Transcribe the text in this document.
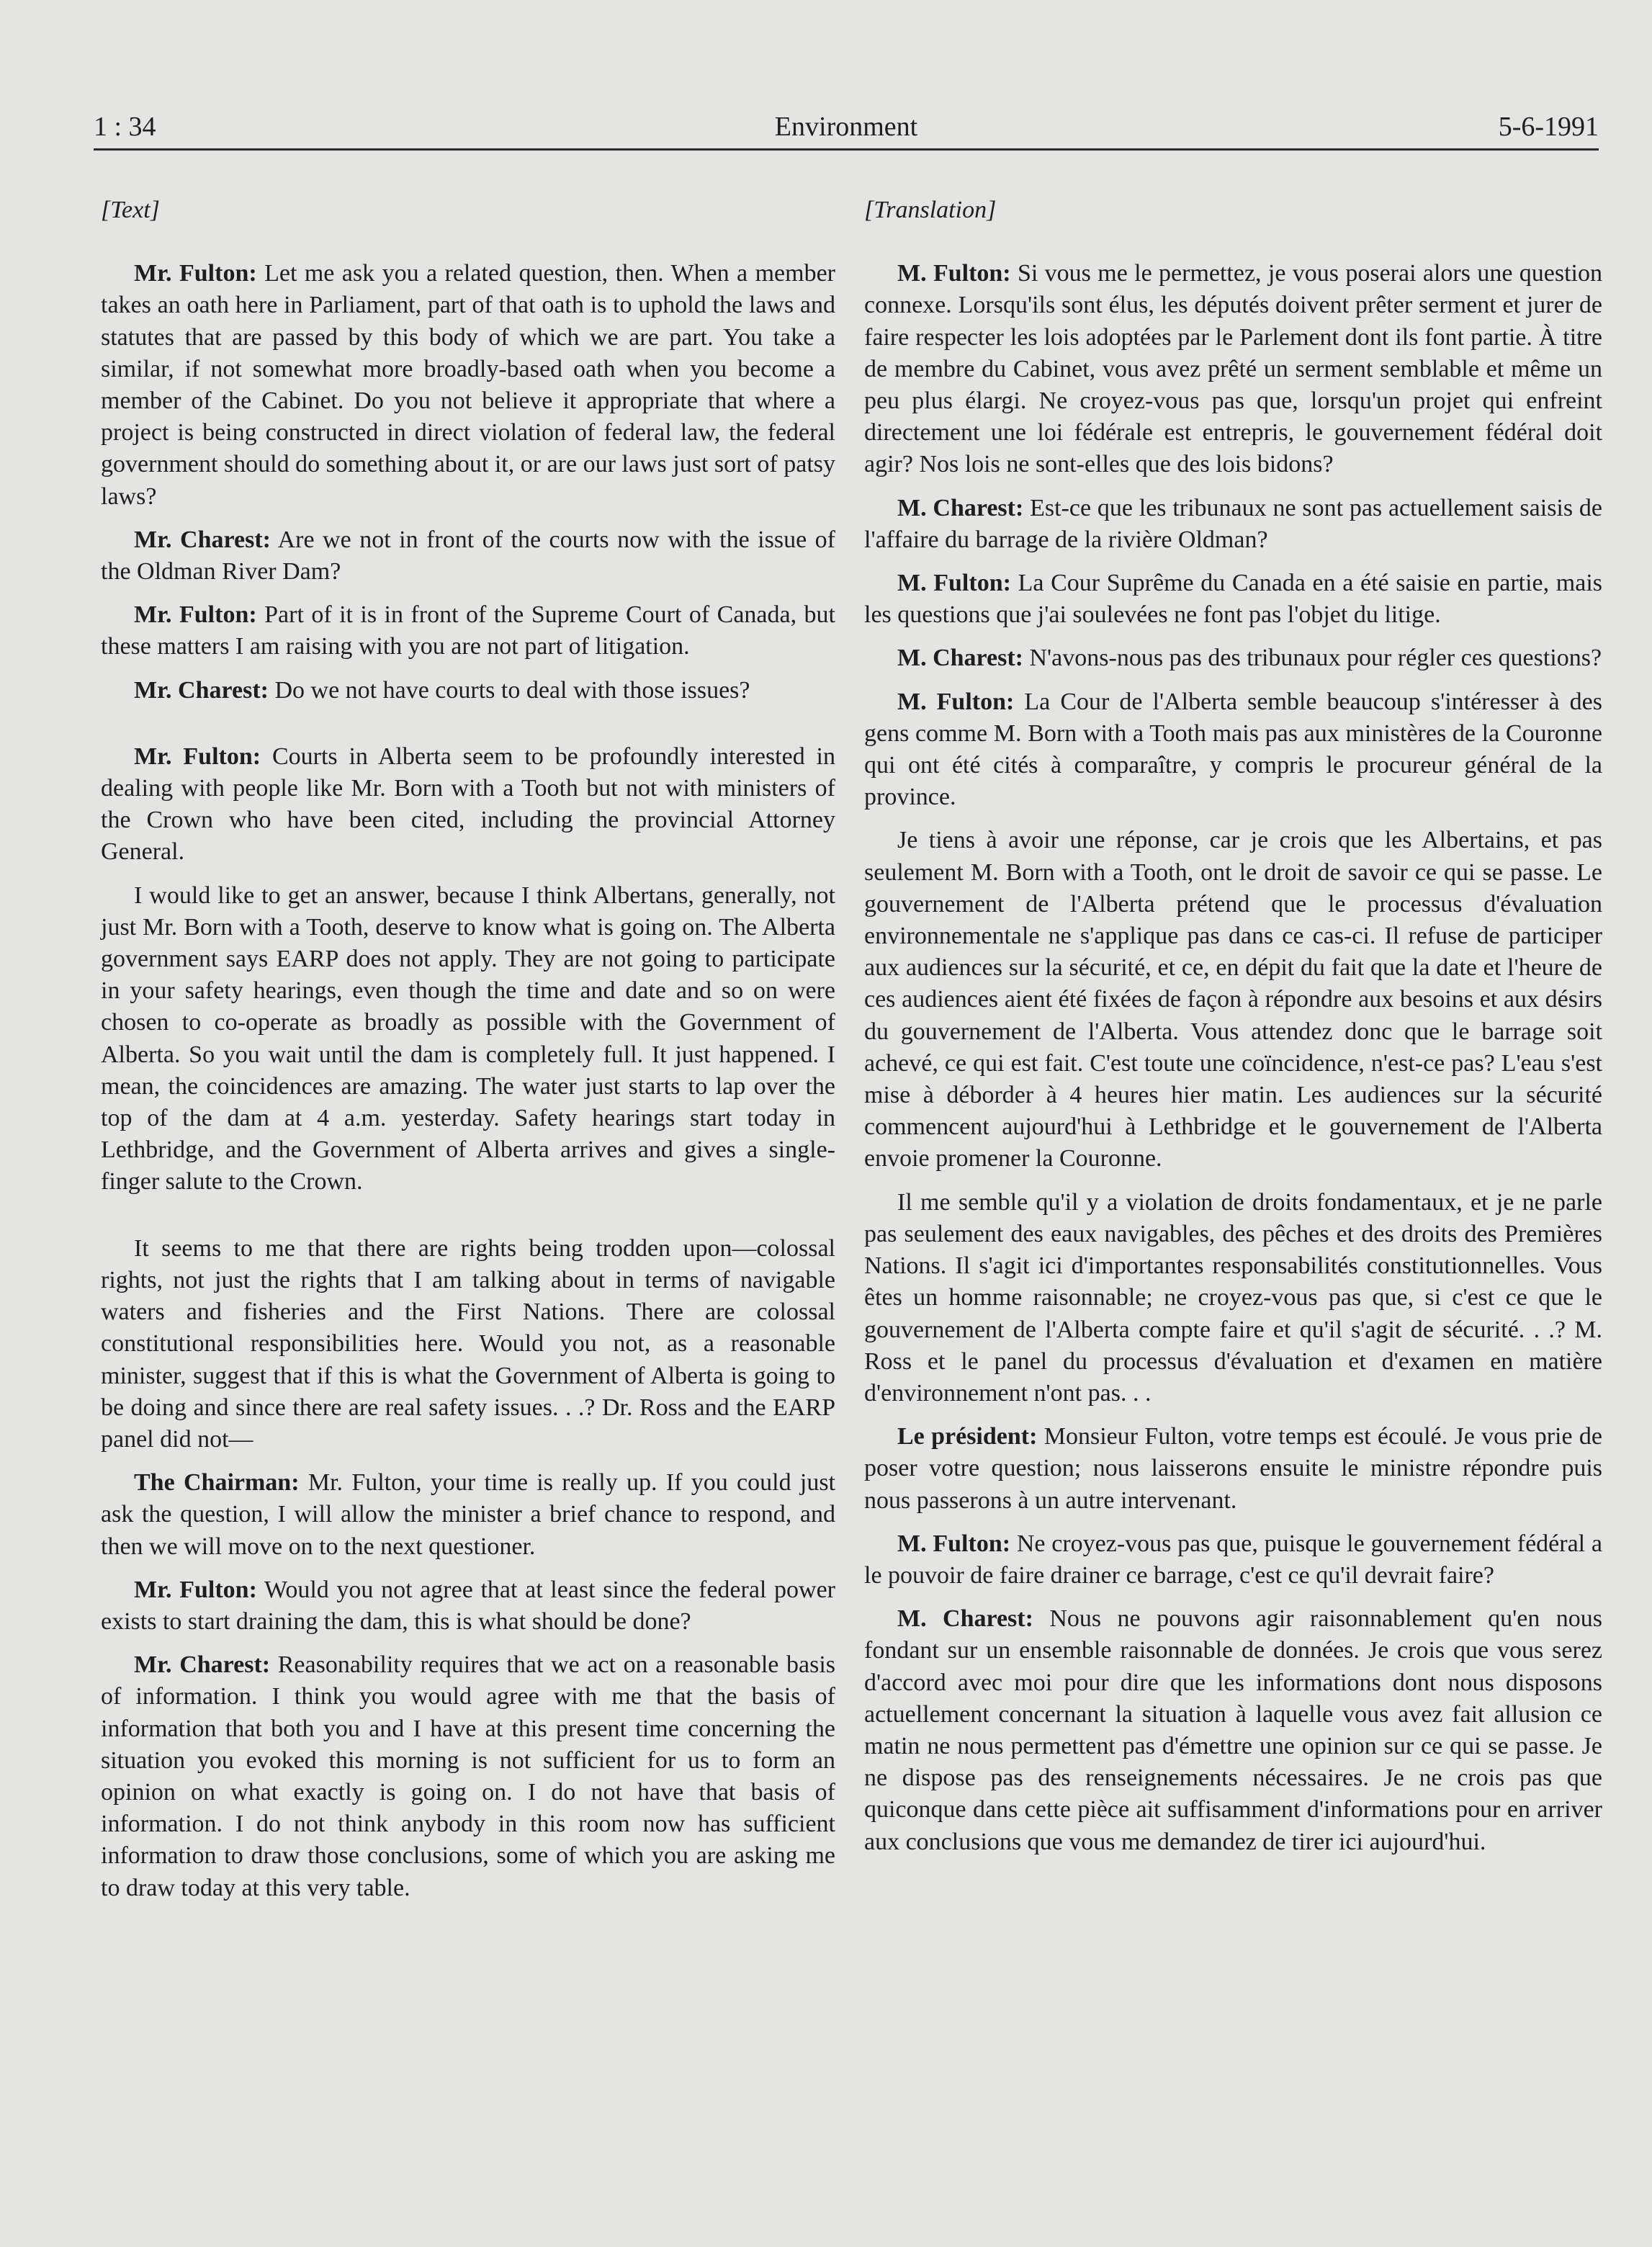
1 : 34	Environment	5-6-1991
[Text]

Mr. Fulton: Let me ask you a related question, then. When a member takes an oath here in Parliament, part of that oath is to uphold the laws and statutes that are passed by this body of which we are part. You take a similar, if not somewhat more broadly-based oath when you become a member of the Cabinet. Do you not believe it appropriate that where a project is being constructed in direct violation of federal law, the federal government should do something about it, or are our laws just sort of patsy laws?

Mr. Charest: Are we not in front of the courts now with the issue of the Oldman River Dam?

Mr. Fulton: Part of it is in front of the Supreme Court of Canada, but these matters I am raising with you are not part of litigation.

Mr. Charest: Do we not have courts to deal with those issues?

Mr. Fulton: Courts in Alberta seem to be profoundly interested in dealing with people like Mr. Born with a Tooth but not with ministers of the Crown who have been cited, including the provincial Attorney General.

I would like to get an answer, because I think Albertans, generally, not just Mr. Born with a Tooth, deserve to know what is going on. The Alberta government says EARP does not apply. They are not going to participate in your safety hearings, even though the time and date and so on were chosen to co-operate as broadly as possible with the Government of Alberta. So you wait until the dam is completely full. It just happened. I mean, the coincidences are amazing. The water just starts to lap over the top of the dam at 4 a.m. yesterday. Safety hearings start today in Lethbridge, and the Government of Alberta arrives and gives a single-finger salute to the Crown.

It seems to me that there are rights being trodden upon—colossal rights, not just the rights that I am talking about in terms of navigable waters and fisheries and the First Nations. There are colossal constitutional responsibilities here. Would you not, as a reasonable minister, suggest that if this is what the Government of Alberta is going to be doing and since there are real safety issues. . .? Dr. Ross and the EARP panel did not—

The Chairman: Mr. Fulton, your time is really up. If you could just ask the question, I will allow the minister a brief chance to respond, and then we will move on to the next questioner.

Mr. Fulton: Would you not agree that at least since the federal power exists to start draining the dam, this is what should be done?

Mr. Charest: Reasonability requires that we act on a reasonable basis of information. I think you would agree with me that the basis of information that both you and I have at this present time concerning the situation you evoked this morning is not sufficient for us to form an opinion on what exactly is going on. I do not have that basis of information. I do not think anybody in this room now has sufficient information to draw those conclusions, some of which you are asking me to draw today at this very table.

[Translation]

M. Fulton: Si vous me le permettez, je vous poserai alors une question connexe. Lorsqu'ils sont élus, les députés doivent prêter serment et jurer de faire respecter les lois adoptées par le Parlement dont ils font partie. À titre de membre du Cabinet, vous avez prêté un serment semblable et même un peu plus élargi. Ne croyez-vous pas que, lorsqu'un projet qui enfreint directement une loi fédérale est entrepris, le gouvernement fédéral doit agir? Nos lois ne sont-elles que des lois bidons?

M. Charest: Est-ce que les tribunaux ne sont pas actuellement saisis de l'affaire du barrage de la rivière Oldman?

M. Fulton: La Cour Suprême du Canada en a été saisie en partie, mais les questions que j'ai soulevées ne font pas l'objet du litige.

M. Charest: N'avons-nous pas des tribunaux pour régler ces questions?

M. Fulton: La Cour de l'Alberta semble beaucoup s'intéresser à des gens comme M. Born with a Tooth mais pas aux ministères de la Couronne qui ont été cités à comparaître, y compris le procureur général de la province.

Je tiens à avoir une réponse, car je crois que les Albertains, et pas seulement M. Born with a Tooth, ont le droit de savoir ce qui se passe. Le gouvernement de l'Alberta prétend que le processus d'évaluation environnementale ne s'applique pas dans ce cas-ci. Il refuse de participer aux audiences sur la sécurité, et ce, en dépit du fait que la date et l'heure de ces audiences aient été fixées de façon à répondre aux besoins et aux désirs du gouvernement de l'Alberta. Vous attendez donc que le barrage soit achevé, ce qui est fait. C'est toute une coïncidence, n'est-ce pas? L'eau s'est mise à déborder à 4 heures hier matin. Les audiences sur la sécurité commencent aujourd'hui à Lethbridge et le gouvernement de l'Alberta envoie promener la Couronne.

Il me semble qu'il y a violation de droits fondamentaux, et je ne parle pas seulement des eaux navigables, des pêches et des droits des Premières Nations. Il s'agit ici d'importantes responsabilités constitutionnelles. Vous êtes un homme raisonnable; ne croyez-vous pas que, si c'est ce que le gouvernement de l'Alberta compte faire et qu'il s'agit de sécurité. . .? M. Ross et le panel du processus d'évaluation et d'examen en matière d'environnement n'ont pas. . .

Le président: Monsieur Fulton, votre temps est écoulé. Je vous prie de poser votre question; nous laisserons ensuite le ministre répondre puis nous passerons à un autre intervenant.

M. Fulton: Ne croyez-vous pas que, puisque le gouvernement fédéral a le pouvoir de faire drainer ce barrage, c'est ce qu'il devrait faire?

M. Charest: Nous ne pouvons agir raisonnablement qu'en nous fondant sur un ensemble raisonnable de données. Je crois que vous serez d'accord avec moi pour dire que les informations dont nous disposons actuellement concernant la situation à laquelle vous avez fait allusion ce matin ne nous permettent pas d'émettre une opinion sur ce qui se passe. Je ne dispose pas des renseignements nécessaires. Je ne crois pas que quiconque dans cette pièce ait suffisamment d'informations pour en arriver aux conclusions que vous me demandez de tirer ici aujourd'hui.
